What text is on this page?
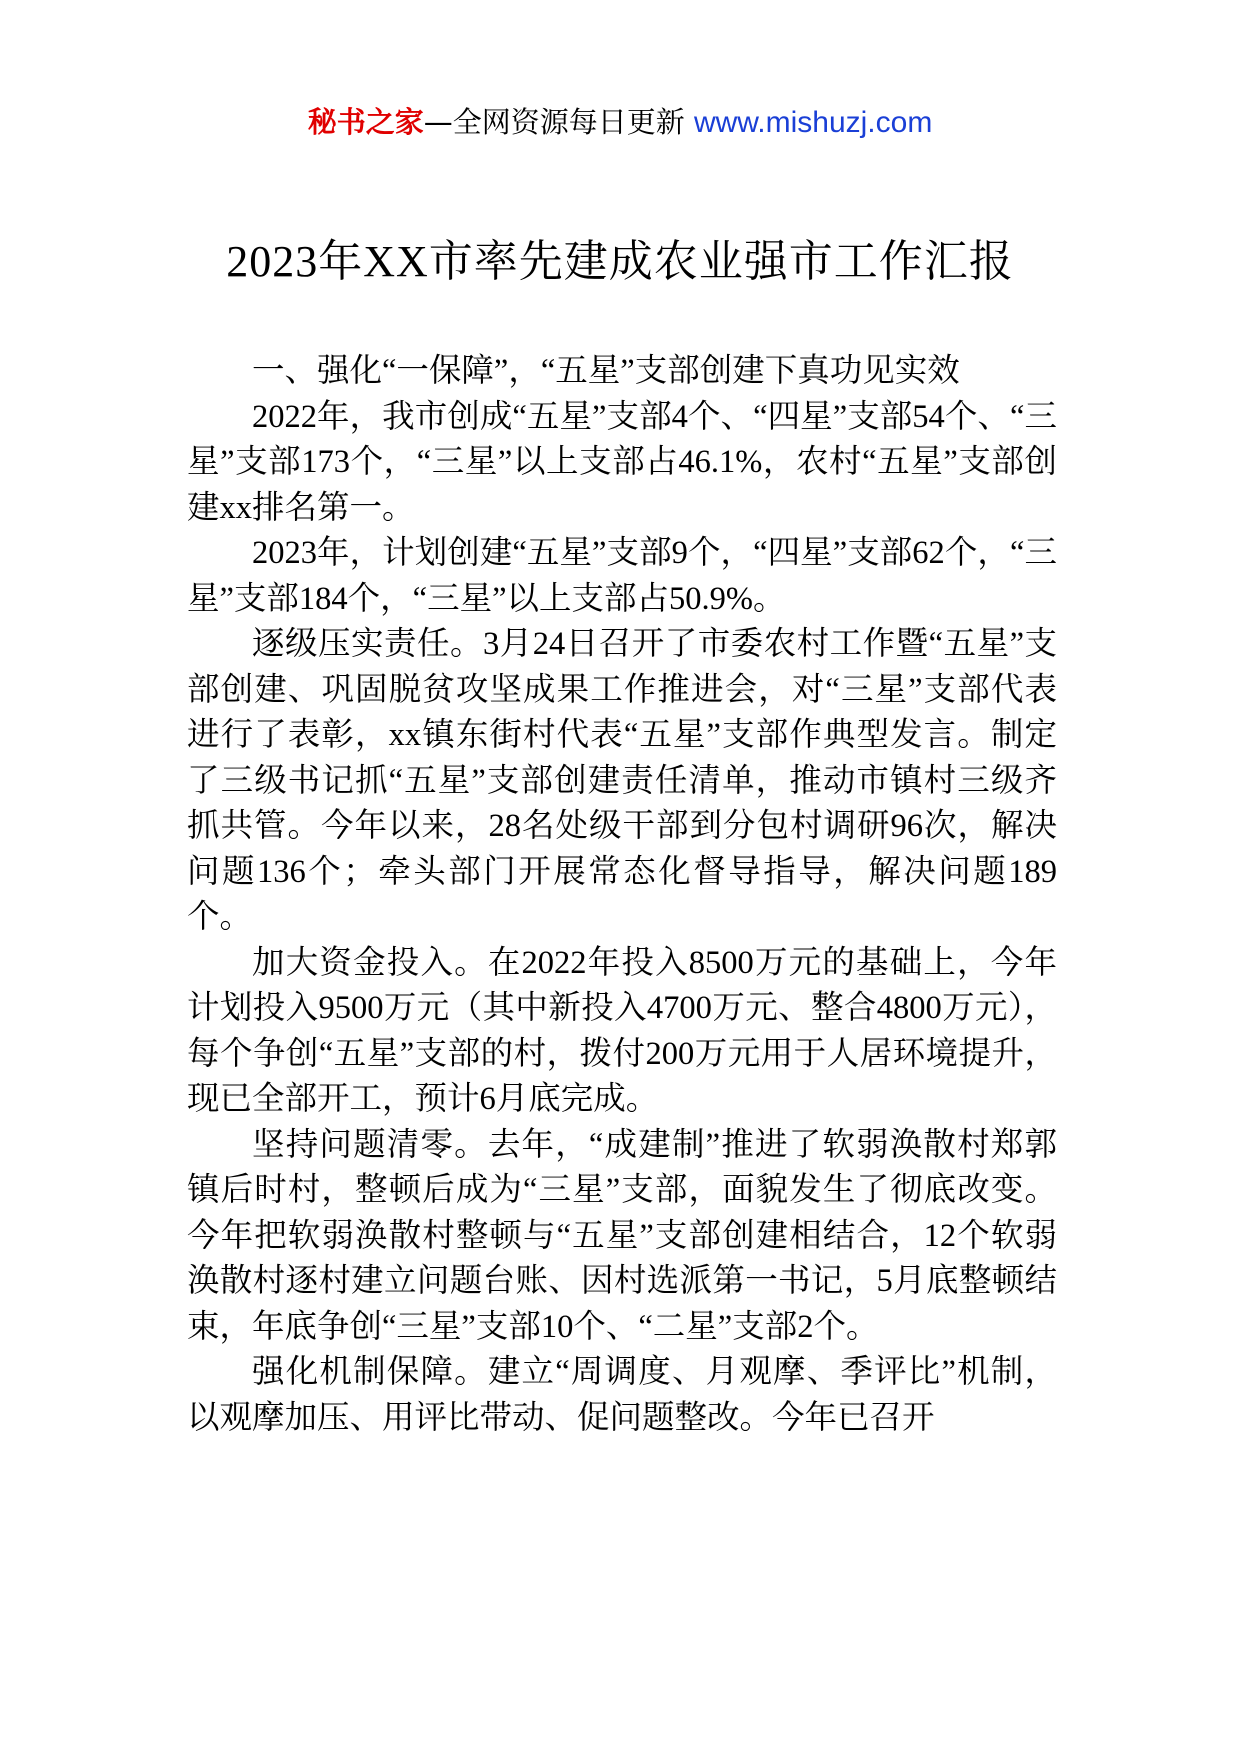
秘书之家—全网资源每日更新 www.mishuzj.com
2023年XX市率先建成农业强市工作汇报

一、强化“一保障”，“五星”支部创建下真功见实效

2022年，我市创成“五星”支部4个、“四星”支部54个、“三星”支部173个，“三星”以上支部占46.1%，农村“五星”支部创建xx排名第一。

2023年，计划创建“五星”支部9个，“四星”支部62个，“三星”支部184个，“三星”以上支部占50.9%。

逐级压实责任。3月24日召开了市委农村工作暨“五星”支部创建、巩固脱贫攻坚成果工作推进会，对“三星”支部代表进行了表彰，xx镇东街村代表“五星”支部作典型发言。制定了三级书记抓“五星”支部创建责任清单，推动市镇村三级齐抓共管。今年以来，28名处级干部到分包村调研96次，解决问题136个；牵头部门开展常态化督导指导，解决问题189个。

加大资金投入。在2022年投入8500万元的基础上，今年计划投入9500万元（其中新投入4700万元、整合4800万元），每个争创“五星”支部的村，拨付200万元用于人居环境提升，现已全部开工，预计6月底完成。

坚持问题清零。去年，“成建制”推进了软弱涣散村郑郭镇后时村，整顿后成为“三星”支部，面貌发生了彻底改变。今年把软弱涣散村整顿与“五星”支部创建相结合，12个软弱涣散村逐村建立问题台账、因村选派第一书记，5月底整顿结束，年底争创“三星”支部10个、“二星”支部2个。

强化机制保障。建立“周调度、月观摩、季评比”机制，以观摩加压、用评比带动、促问题整改。今年已召开
